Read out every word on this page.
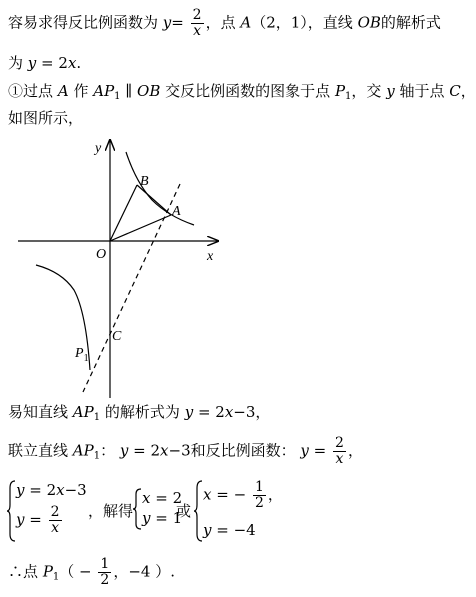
容易求得反比例函数为 $y= \frac{2}{x}$ ，点 A（2，1），直线 OB的解析式
为 y = 2x.
①过点 A 作 $AP_1$ ∥ OB 交反比例函数的图象于点 $P_1$，交 y 轴于点 C，
如图所示，
y
x
O
B
A
C
$P_1$
易知直线 $AP_1$ 的解析式为 y = 2x−3，
联立直线 $AP_1$： y = 2x−3和反比例函数： $y = \frac{2}{x}$ ，
y = 2x−3
$y = \frac{2}{x}$ ，解得
x = 2
y = 1
或
x = − $\frac{1}{2}$ ，
y = −4
∴点 $P_1( - \frac{1}{2}$ ，−4 ）.
